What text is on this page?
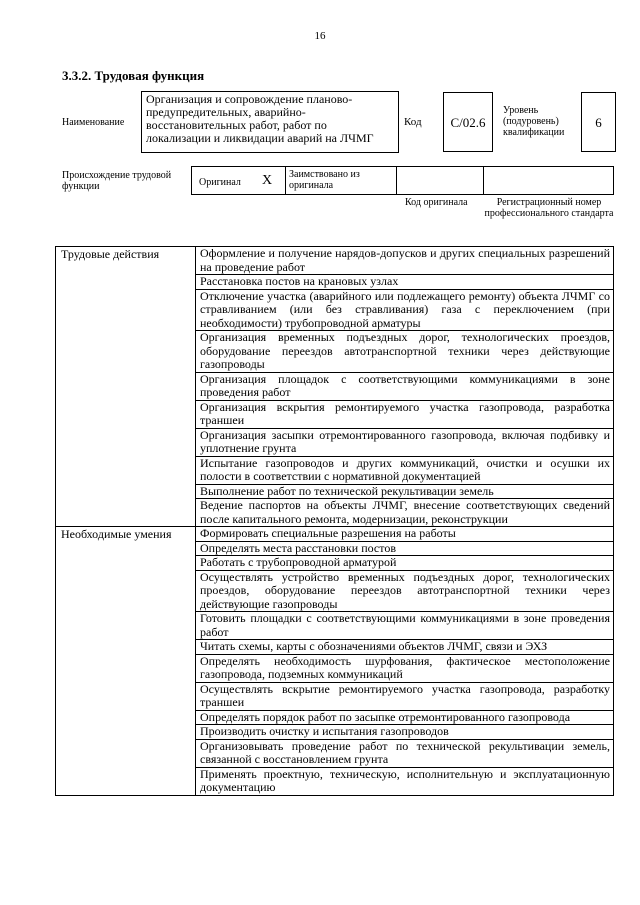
16
3.3.2. Трудовая функция
Наименование
Организация и сопровождение планово-предупредительных, аварийно-восстановительных работ, работ по локализации и ликвидации аварий на ЛЧМГ
Код	С/02.6
Уровень (подуровень) квалификации
6
Происхождение трудовой функции	Оригинал X Заимствовано из оригинала
Код оригинала	Регистрационный номер профессионального стандарта
Трудовые действия	Оформление и получение нарядов-допусков и других специальных разрешений на проведение работ
	Расстановка постов на крановых узлах
	Отключение участка (аварийного или подлежащего ремонту) объекта ЛЧМГ со стравливанием (или без стравливания) газа с переключением (при необходимости) трубопроводной арматуры
	Организация временных подъездных дорог, технологических проездов, оборудование переездов автотранспортной техники через действующие газопроводы
	Организация площадок с соответствующими коммуникациями в зоне проведения работ
	Организация вскрытия ремонтируемого участка газопровода, разработка траншеи
	Организация засыпки отремонтированного газопровода, включая подбивку и уплотнение грунта
	Испытание газопроводов и других коммуникаций, очистки и осушки их полости в соответствии с нормативной документацией
	Выполнение работ по технической рекультивации земель
	Ведение паспортов на объекты ЛЧМГ, внесение соответствующих сведений после капитального ремонта, модернизации, реконструкции
Необходимые умения	Формировать специальные разрешения на работы
	Определять места расстановки постов
	Работать с трубопроводной арматурой
	Осуществлять устройство временных подъездных дорог, технологических проездов, оборудование переездов автотранспортной техники через действующие газопроводы
	Готовить площадки с соответствующими коммуникациями в зоне проведения работ
	Читать схемы, карты с обозначениями объектов ЛЧМГ, связи и ЭХЗ
	Определять необходимость шурфования, фактическое местоположение газопровода, подземных коммуникаций
	Осуществлять вскрытие ремонтируемого участка газопровода, разработку траншеи
	Определять порядок работ по засыпке отремонтированного газопровода
	Производить очистку и испытания газопроводов
	Организовывать проведение работ по технической рекультивации земель, связанной с восстановлением грунта
	Применять проектную, техническую, исполнительную и эксплуатационную документацию
